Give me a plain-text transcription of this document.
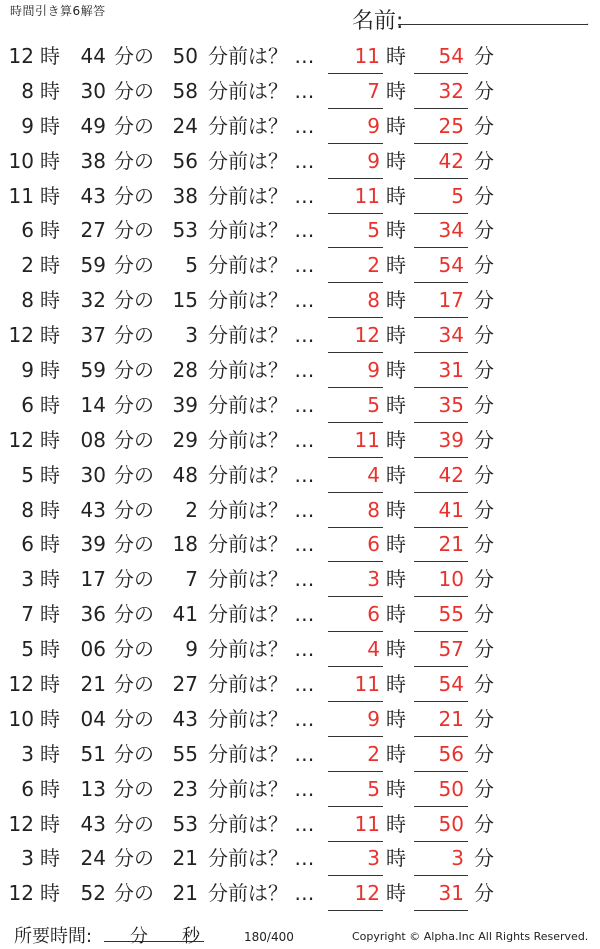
時間引き算6解答	名前:	.
12 時	44 分の 50 分前は？ …	11 時	54 分
8 時	30 分の 58 分前は？ …	7 時	32 分
9 時	49 分の 24 分前は？ …	9 時	25 分
10 時	38 分の 56 分前は？ …	9 時	42 分
11 時	43 分の 38 分前は？ …	11 時	5 分
6 時	27 分の 53 分前は？ …	5 時	34 分
2 時	59 分の	5 分前は？ …	2 時	54 分
8 時	32 分の 15 分前は？ …	8 時	17 分
12 時	37 分の	3 分前は？ …	12 時	34 分
9 時	59 分の 28 分前は？ …	9 時	31 分
6 時	14 分の 39 分前は？ …	5 時	35 分
12 時	08 分の 29 分前は？ …	11 時	39 分
5 時	30 分の 48 分前は？ …	4 時	42 分
8 時	43 分の	2 分前は？ …	8 時	41 分
6 時	39 分の 18 分前は？ …	6 時	21 分
3 時	17 分の	7 分前は？ …	3 時	10 分
7 時	36 分の 41 分前は？ …	6 時	55 分
5 時	06 分の	9 分前は？ …	4 時	57 分
12 時	21 分の 27 分前は？ …	11 時	54 分
10 時	04 分の 43 分前は？ …	9 時	21 分
3 時	51 分の 55 分前は？ …	2 時	56 分
6 時	13 分の 23 分前は？ …	5 時	50 分
12 時	43 分の 53 分前は？ …	11 時	50 分
3 時	24 分の 21 分前は？ …	3 時	3 分
12 時	52 分の 21 分前は？ …	12 時	31 分
所要時間: 分 秒	180/400	Copyright © Alpha.Inc All Rights Reserved.
